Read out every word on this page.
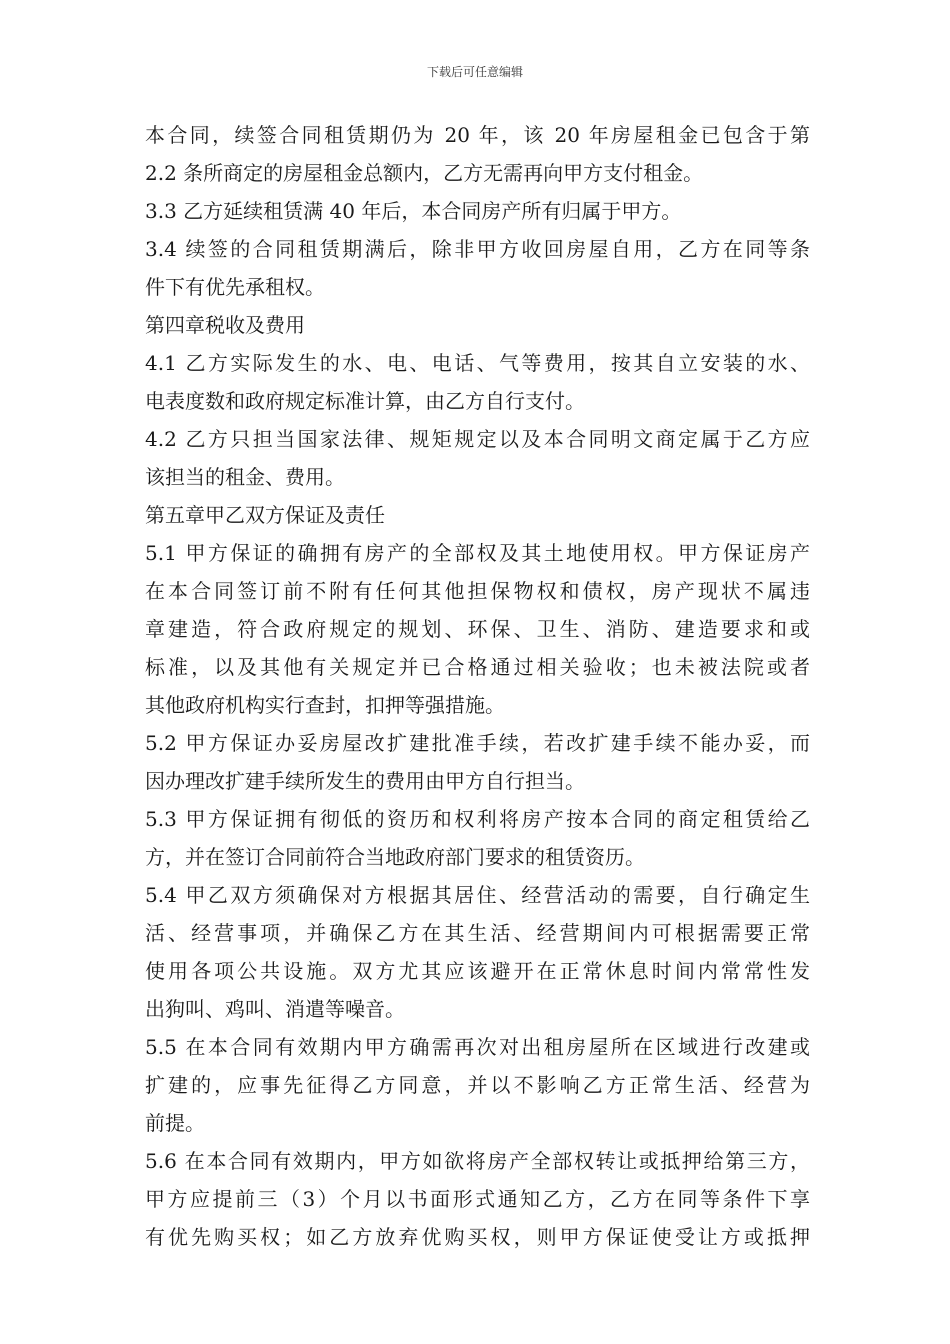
下载后可任意编辑
本合同，续签合同租赁期仍为 20 年，该 20 年房屋租金已包含于第
2.2 条所商定的房屋租金总额内，乙方无需再向甲方支付租金。
3.3 乙方延续租赁满 40 年后，本合同房产所有归属于甲方。
3.4 续签的合同租赁期满后，除非甲方收回房屋自用，乙方在同等条
件下有优先承租权。
第四章税收及费用
4.1 乙方实际发生的水、电、电话、气等费用，按其自立安装的水、
电表度数和政府规定标准计算，由乙方自行支付。
4.2 乙方只担当国家法律、规矩规定以及本合同明文商定属于乙方应
该担当的租金、费用。
第五章甲乙双方保证及责任
5.1 甲方保证的确拥有房产的全部权及其土地使用权。甲方保证房产
在本合同签订前不附有任何其他担保物权和债权，房产现状不属违
章建造，符合政府规定的规划、环保、卫生、消防、建造要求和或
标准，以及其他有关规定并已合格通过相关验收；也未被法院或者
其他政府机构实行查封，扣押等强措施。
5.2 甲方保证办妥房屋改扩建批准手续，若改扩建手续不能办妥，而
因办理改扩建手续所发生的费用由甲方自行担当。
5.3 甲方保证拥有彻低的资历和权利将房产按本合同的商定租赁给乙
方，并在签订合同前符合当地政府部门要求的租赁资历。
5.4 甲乙双方须确保对方根据其居住、经营活动的需要，自行确定生
活、经营事项，并确保乙方在其生活、经营期间内可根据需要正常
使用各项公共设施。双方尤其应该避开在正常休息时间内常常性发
出狗叫、鸡叫、消遣等噪音。
5.5 在本合同有效期内甲方确需再次对出租房屋所在区域进行改建或
扩建的，应事先征得乙方同意，并以不影响乙方正常生活、经营为
前提。
5.6 在本合同有效期内，甲方如欲将房产全部权转让或抵押给第三方，
甲方应提前三（3）个月以书面形式通知乙方，乙方在同等条件下享
有优先购买权；如乙方放弃优购买权，则甲方保证使受让方或抵押
